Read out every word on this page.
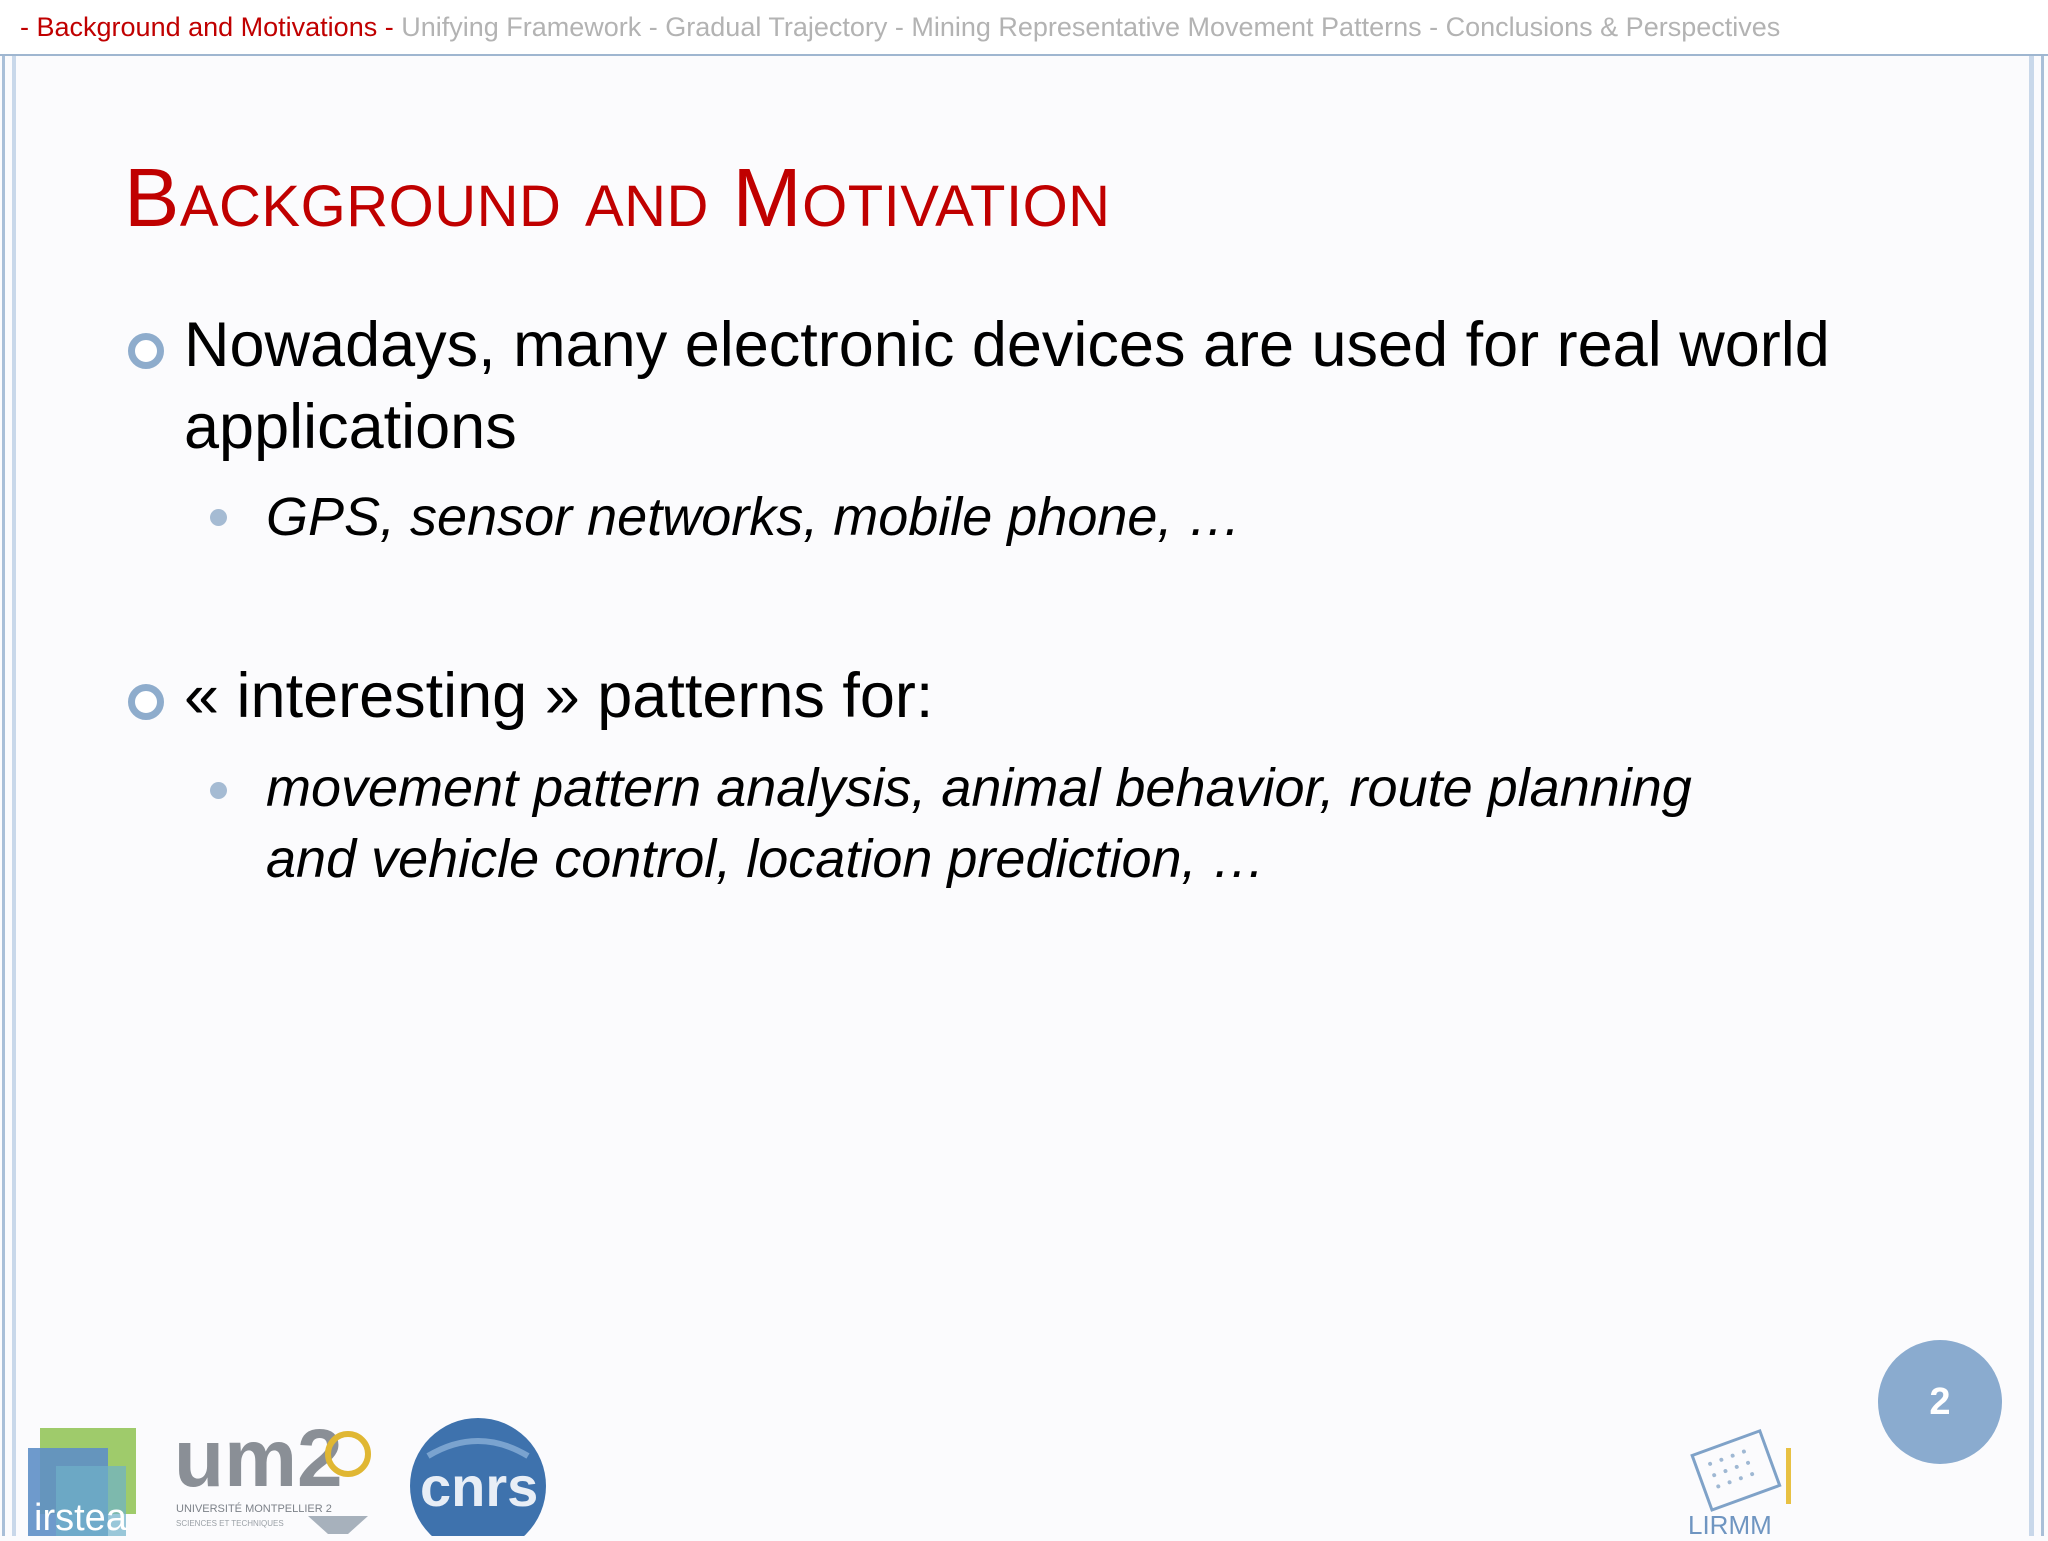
- Background and Motivations - Unifying Framework - Gradual Trajectory - Mining Representative Movement Patterns - Conclusions & Perspectives
Background and Motivation
Nowadays, many electronic devices are used for real world applications
GPS, sensor networks, mobile phone, …
« interesting » patterns for:
movement pattern analysis, animal behavior, route planning and vehicle control, location prediction, …
2
irstea
um2
UNIVERSITÉ MONTPELLIER 2
SCIENCES ET TECHNIQUES
cnrs
LIRMM
